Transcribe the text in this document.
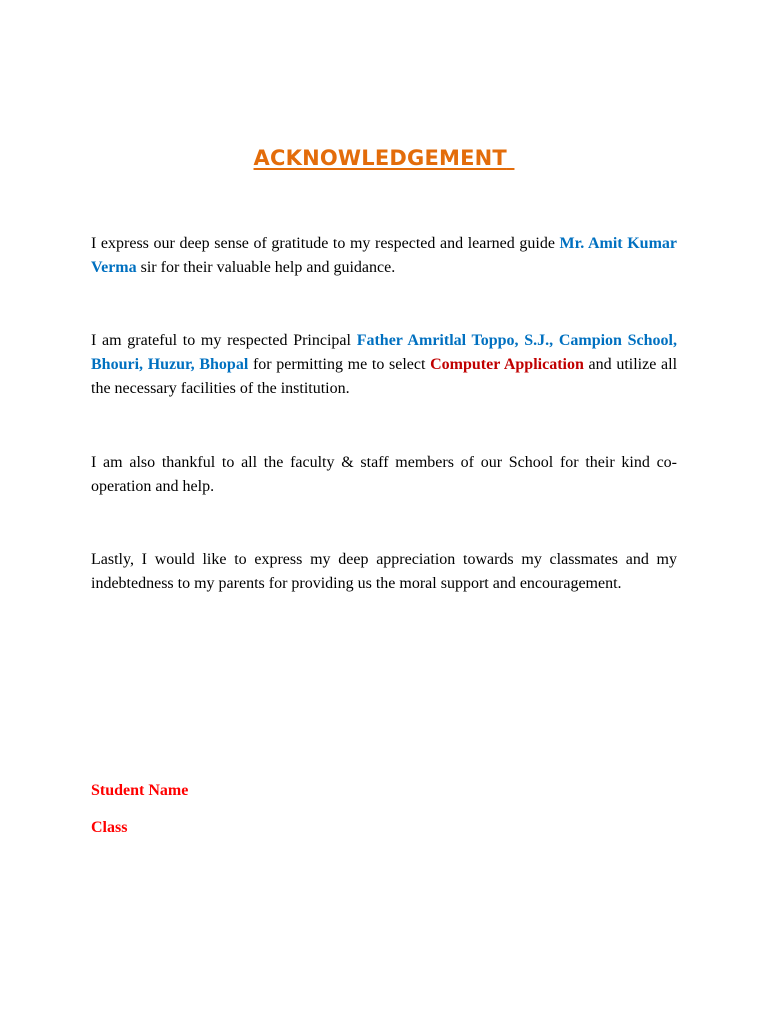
ACKNOWLEDGEMENT

I express our deep sense of gratitude to my respected and learned guide Mr. Amit Kumar Verma sir for their valuable help and guidance.

I am grateful to my respected Principal Father Amritlal Toppo, S.J., Campion School, Bhouri, Huzur, Bhopal for permitting me to select Computer Application and utilize all the necessary facilities of the institution.

I am also thankful to all the faculty & staff members of our School for their kind co-operation and help.

Lastly, I would like to express my deep appreciation towards my classmates and my indebtedness to my parents for providing us the moral support and encouragement.

Student Name

Class
